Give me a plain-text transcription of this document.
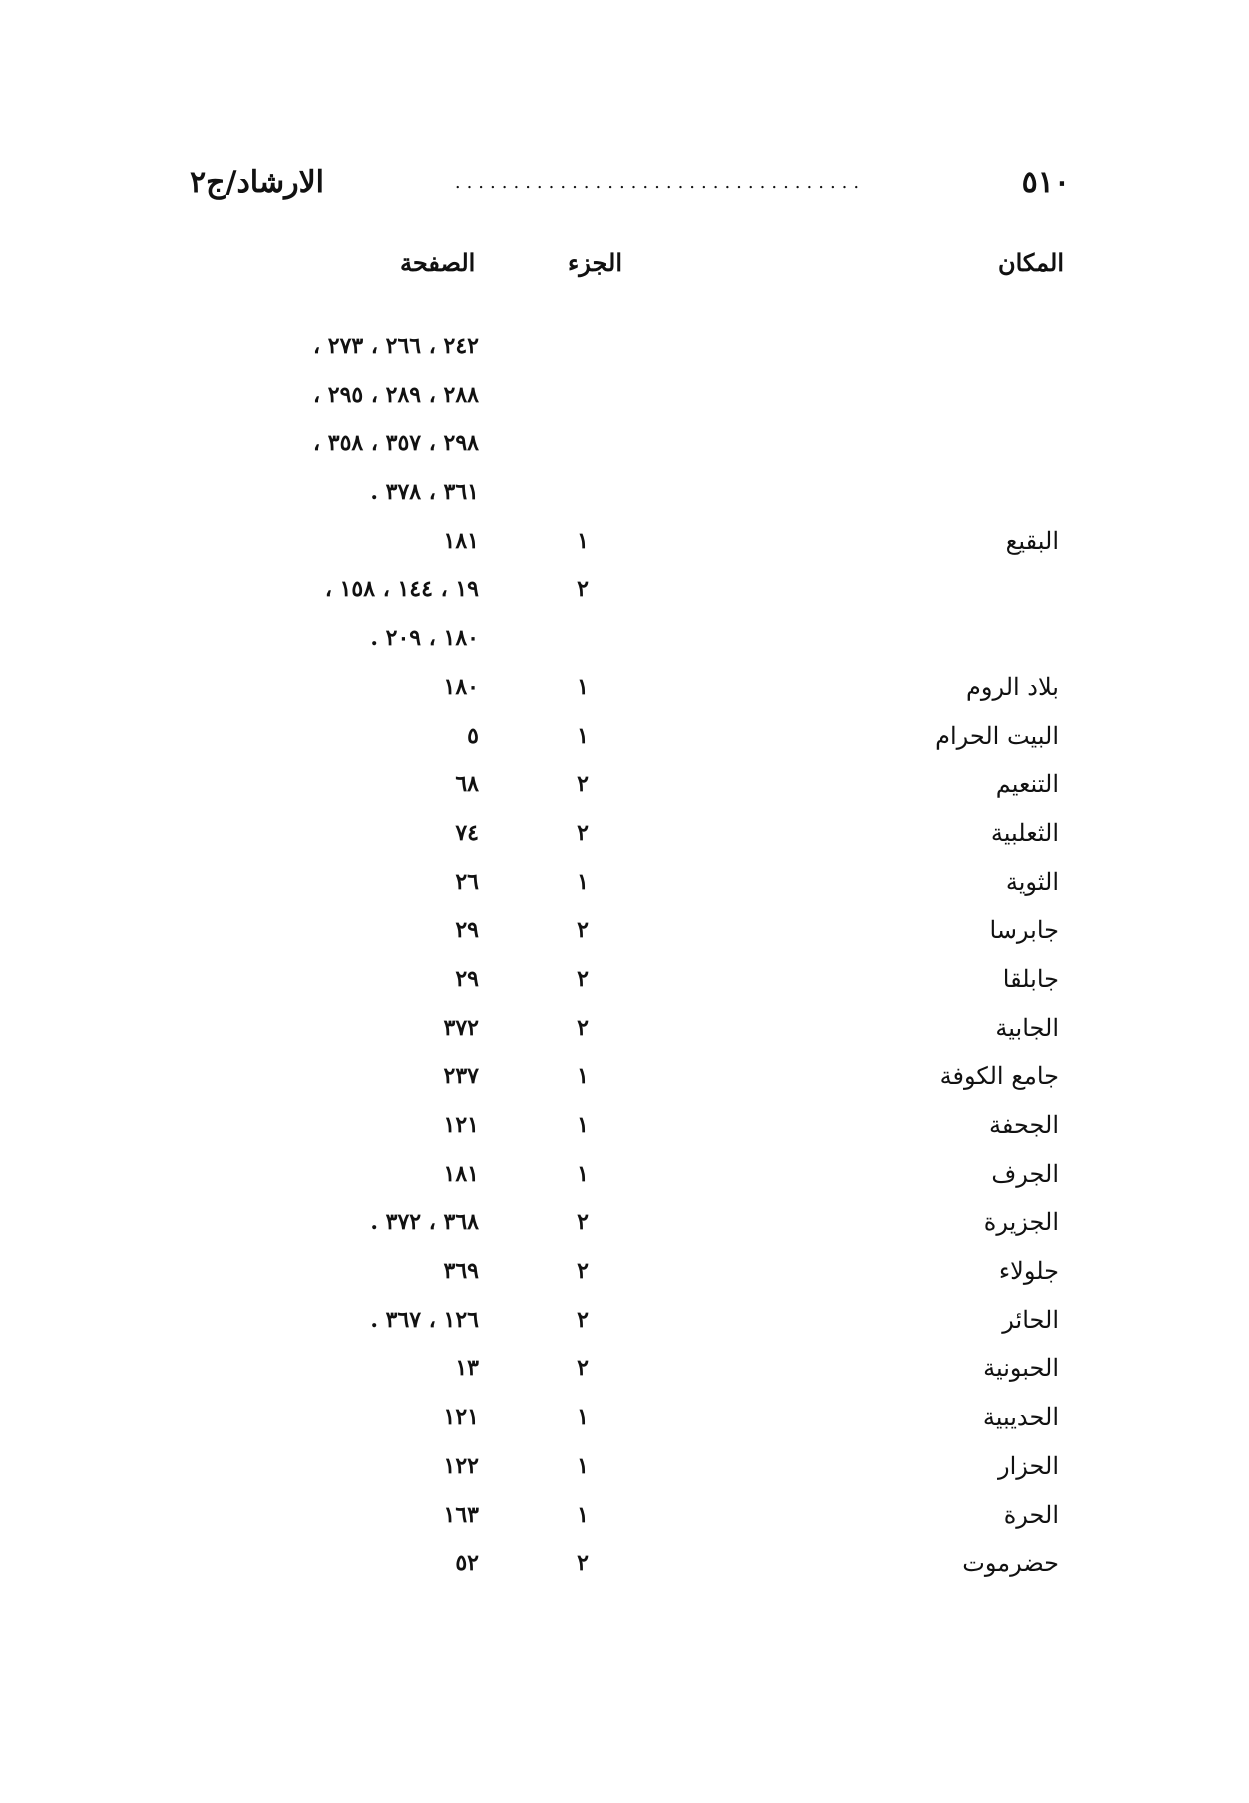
٥١٠
...................................
الارشاد/ج٢
المكان
الجزء
الصفحة
٢٤٢ ، ٢٦٦ ، ٢٧٣ ،
٢٨٨ ، ٢٨٩ ، ٢٩٥ ،
٢٩٨ ، ٣٥٧ ، ٣٥٨ ،
٣٦١ ، ٣٧٨ .
البقيع
١
١٨١
٢
١٩ ، ١٤٤ ، ١٥٨ ،
١٨٠ ، ٢٠٩ .
بلاد الروم
١
١٨٠
البيت الحرام
١
٥
التنعيم
٢
٦٨
الثعلبية
٢
٧٤
الثوية
١
٢٦
جابرسا
٢
٢٩
جابلقا
٢
٢٩
الجابية
٢
٣٧٢
جامع الكوفة
١
٢٣٧
الجحفة
١
١٢١
الجرف
١
١٨١
الجزيرة
٢
٣٦٨ ، ٣٧٢ .
جلولاء
٢
٣٦٩
الحائر
٢
١٢٦ ، ٣٦٧ .
الحبونية
٢
١٣
الحديبية
١
١٢١
الحزار
١
١٢٢
الحرة
١
١٦٣
حضرموت
٢
٥٢
